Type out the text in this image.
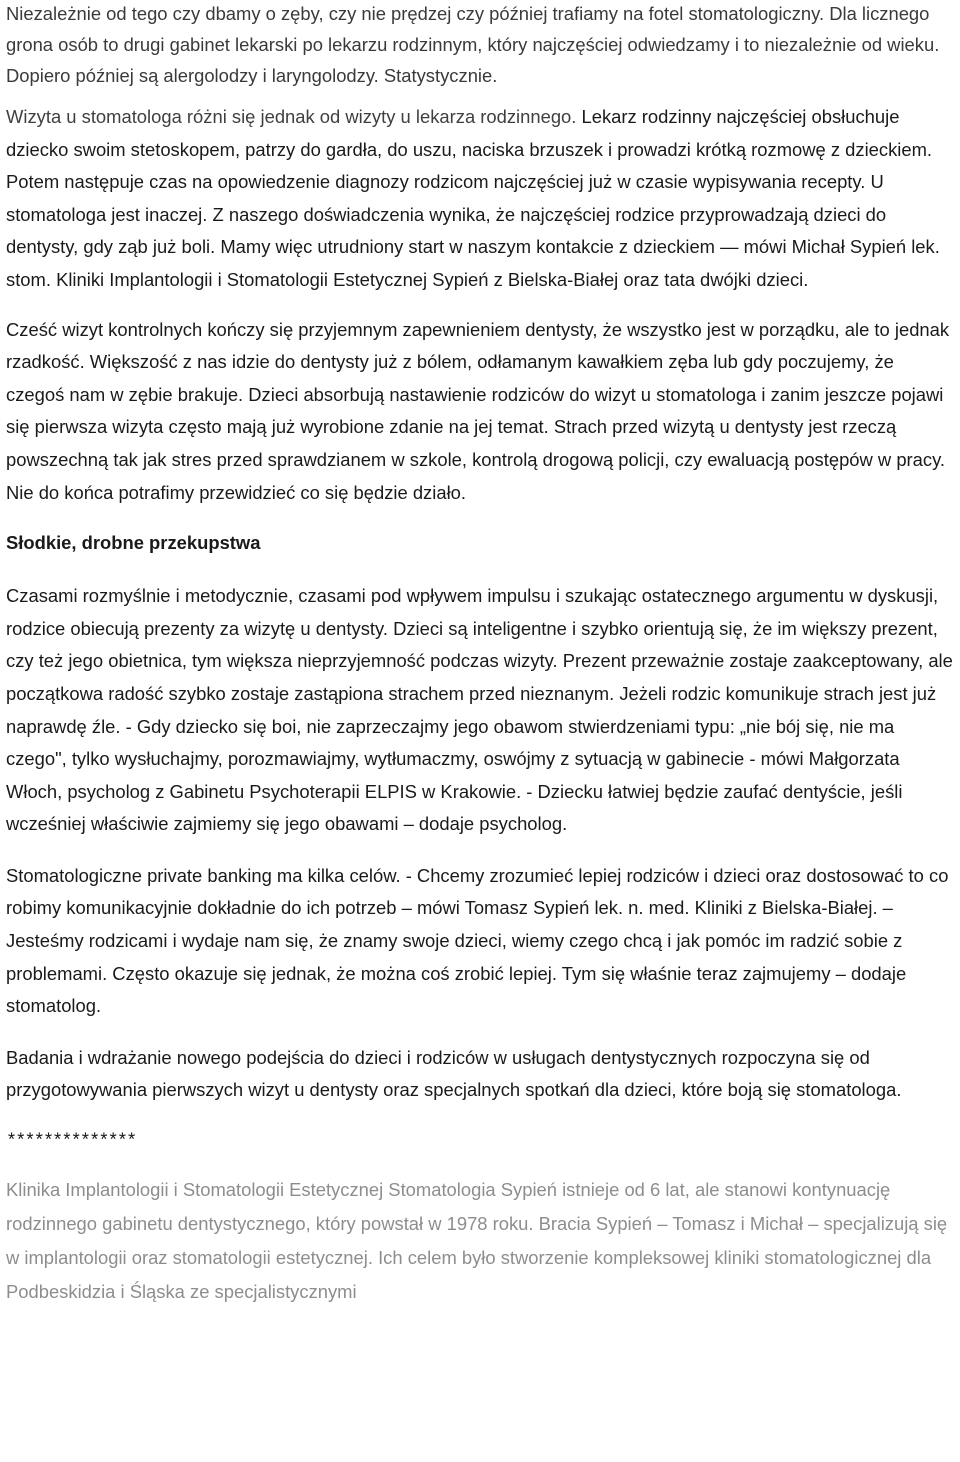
Niezależnie od tego czy dbamy o zęby, czy nie prędzej czy później trafiamy na fotel stomatologiczny. Dla licznego grona osób to drugi gabinet lekarski po lekarzu rodzinnym, który najczęściej odwiedzamy i to niezależnie od wieku. Dopiero później są alergolodzy i laryngolodzy. Statystycznie.

Wizyta u stomatologa różni się jednak od wizyty u lekarza rodzinnego. Lekarz rodzinny najczęściej obsłuchuje dziecko swoim stetoskopem, patrzy do gardła, do uszu, naciska brzuszek i prowadzi krótką rozmowę z dzieckiem. Potem następuje czas na opowiedzenie diagnozy rodzicom najczęściej już w czasie wypisywania recepty. U stomatologa jest inaczej. Z naszego doświadczenia wynika, że najczęściej rodzice przyprowadzają dzieci do dentysty, gdy ząb już boli. Mamy więc utrudniony start w naszym kontakcie z dzieckiem — mówi Michał Sypień lek. stom. Kliniki Implantologii i Stomatologii Estetycznej Sypień z Bielska-Białej oraz tata dwójki dzieci.

Cześć wizyt kontrolnych kończy się przyjemnym zapewnieniem dentysty, że wszystko jest w porządku, ale to jednak rzadkość. Większość z nas idzie do dentysty już z bólem, odłamanym kawałkiem zęba lub gdy poczujemy, że czegoś nam w zębie brakuje. Dzieci absorbują nastawienie rodziców do wizyt u stomatologa i zanim jeszcze pojawi się pierwsza wizyta często mają już wyrobione zdanie na jej temat. Strach przed wizytą u dentysty jest rzeczą powszechną tak jak stres przed sprawdzianem w szkole, kontrolą drogową policji, czy ewaluacją postępów w pracy. Nie do końca potrafimy przewidzieć co się będzie działo.

Słodkie, drobne przekupstwa

Czasami rozmyślnie i metodycznie, czasami pod wpływem impulsu i szukając ostatecznego argumentu w dyskusji, rodzice obiecują prezenty za wizytę u dentysty. Dzieci są inteligentne i szybko orientują się, że im większy prezent, czy też jego obietnica, tym większa nieprzyjemność podczas wizyty. Prezent przeważnie zostaje zaakceptowany, ale początkowa radość szybko zostaje zastąpiona strachem przed nieznanym. Jeżeli rodzic komunikuje strach jest już naprawdę źle. - Gdy dziecko się boi, nie zaprzeczajmy jego obawom stwierdzeniami typu: „nie bój się, nie ma czego", tylko wysłuchajmy, porozmawiajmy, wytłumaczmy, oswójmy z sytuacją w gabinecie - mówi Małgorzata Włoch, psycholog z Gabinetu Psychoterapii ELPIS w Krakowie. - Dziecku łatwiej będzie zaufać dentyście, jeśli wcześniej właściwie zajmiemy się jego obawami – dodaje psycholog.

Stomatologiczne private banking ma kilka celów. - Chcemy zrozumieć lepiej rodziców i dzieci oraz dostosować to co robimy komunikacyjnie dokładnie do ich potrzeb – mówi Tomasz Sypień lek. n. med. Kliniki z Bielska-Białej. – Jesteśmy rodzicami i wydaje nam się, że znamy swoje dzieci, wiemy czego chcą i jak pomóc im radzić sobie z problemami. Często okazuje się jednak, że można coś zrobić lepiej. Tym się właśnie teraz zajmujemy – dodaje stomatolog.

Badania i wdrażanie nowego podejścia do dzieci i rodziców w usługach dentystycznych rozpoczyna się od przygotowywania pierwszych wizyt u dentysty oraz specjalnych spotkań dla dzieci, które boją się stomatologa.

**************

Klinika Implantologii i Stomatologii Estetycznej Stomatologia Sypień istnieje od 6 lat, ale stanowi kontynuację rodzinnego gabinetu dentystycznego, który powstał w 1978 roku. Bracia Sypień – Tomasz i Michał – specjalizują się w implantologii oraz stomatologii estetycznej. Ich celem było stworzenie kompleksowej kliniki stomatologicznej dla Podbeskidzia i Śląska ze specjalistycznymi
